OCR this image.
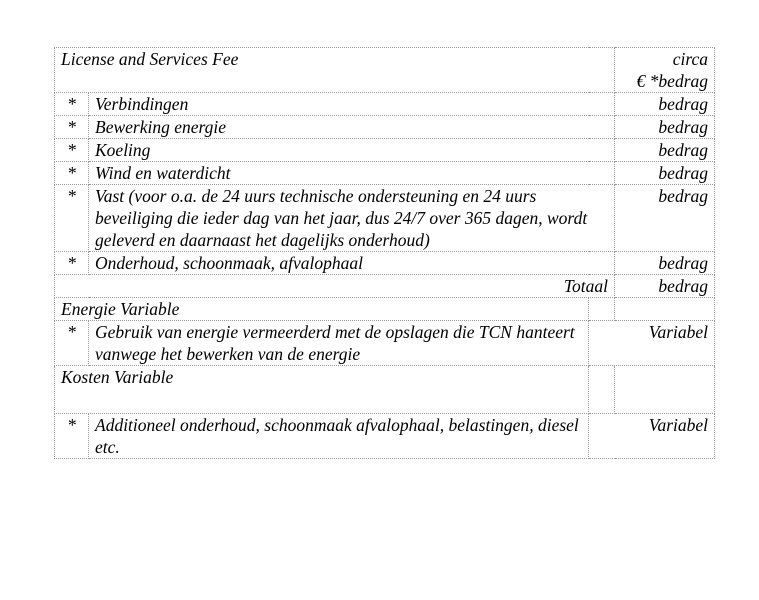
License and Services Fee			circa
€ *bedrag

*	Verbindingen		bedrag
*	Bewerking energie		bedrag
*	Koeling		bedrag
*	Wind en waterdicht		bedrag
*	Vast (voor o.a. de 24 uurs technische ondersteuning en 24 uurs beveiliging die ieder dag van het jaar, dus 24/7 over 365 dagen, wordt geleverd en daarnaast het dagelijks onderhoud)		bedrag
*	Onderhoud, schoonmaak, afvalophaal		bedrag
Totaal			bedrag
Energie Variable			
*	Gebruik van energie vermeerderd met de opslagen die TCN hanteert vanwege het bewerken van de energie	Variabel	
Kosten Variable			
*	Additioneel onderhoud, schoonmaak afvalophaal, belastingen, diesel etc.	Variabel	
